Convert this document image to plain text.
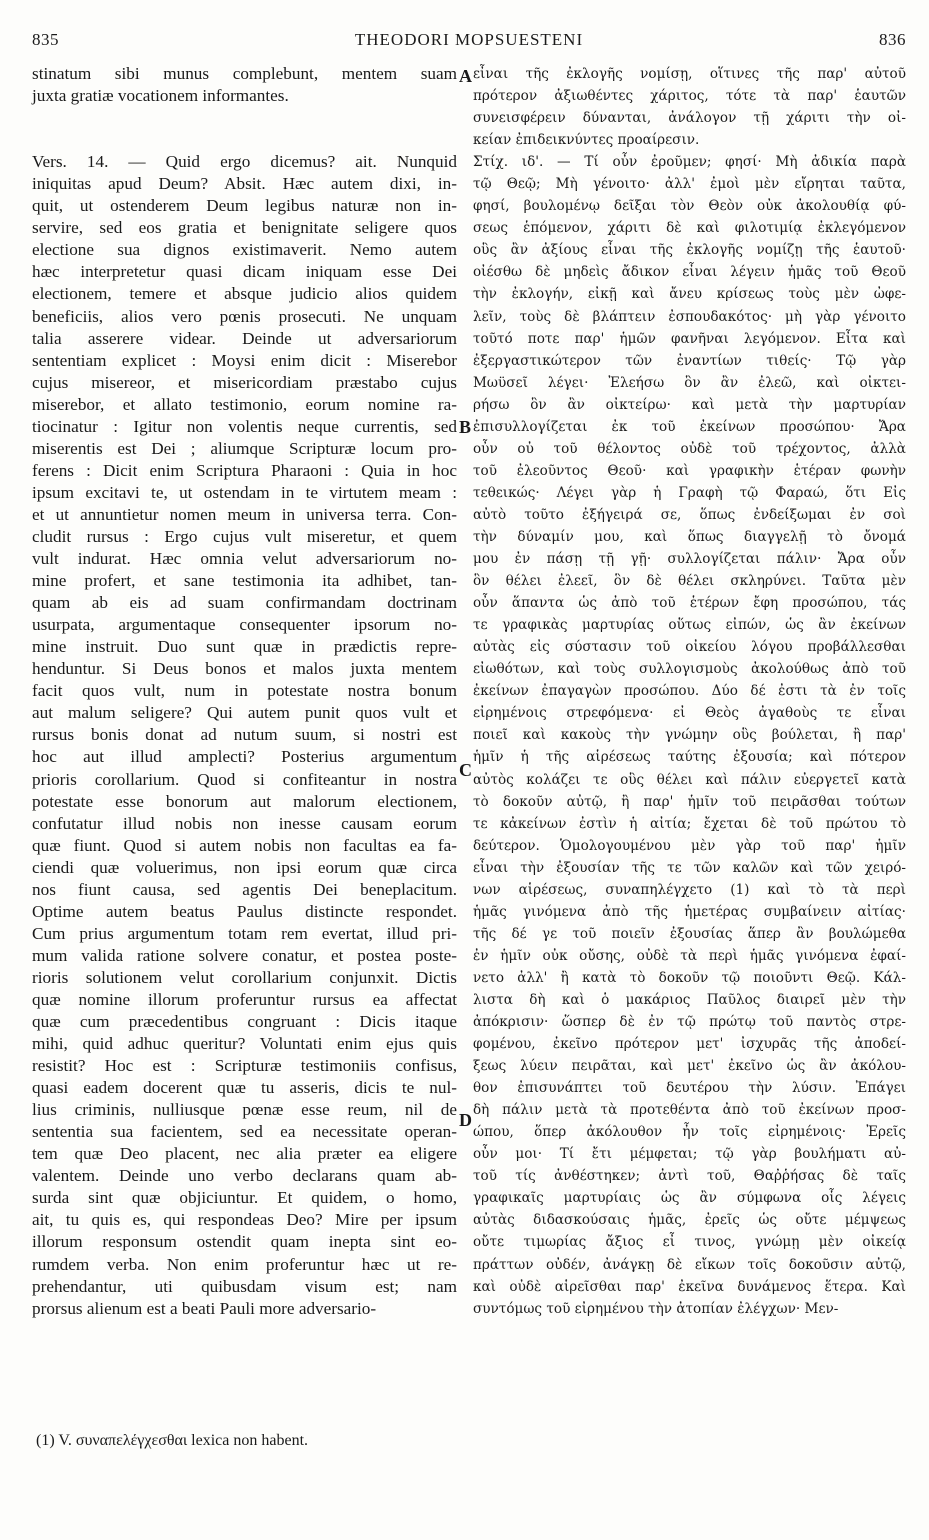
835	THEODORI MOPSUESTENI	836
stinatum sibi munus complebunt, mentem suam
juxta gratiæ vocationem informantes.
Vers. 14. — Quid ergo dicemus? ait. Nunquid
iniquitas apud Deum? Absit. Hæc autem dixi, in-
quit, ut ostenderem Deum legibus naturæ non in-
servire, sed eos gratia et benignitate seligere quos
electione sua dignos existimaverit. Nemo autem
hæc interpretetur quasi dicam iniquam esse Dei
electionem, temere et absque judicio alios quidem
beneficiis, alios vero pœnis prosecuti. Ne unquam
talia asserere videar. Deinde ut adversariorum
sententiam explicet : Moysi enim dicit : Miserebor
cujus misereor, et misericordiam præstabo cujus
miserebor, et allato testimonio, eorum nomine ra-
tiocinatur : Igitur non volentis neque currentis, sed
miserentis est Dei ; aliumque Scripturæ locum pro-
ferens : Dicit enim Scriptura Pharaoni : Quia in hoc
ipsum excitavi te, ut ostendam in te virtutem meam :
et ut annuntietur nomen meum in universa terra. Con-
cludit rursus : Ergo cujus vult miseretur, et quem
vult indurat. Hæc omnia velut adversariorum no-
mine profert, et sane testimonia ita adhibet, tan-
quam ab eis ad suam confirmandam doctrinam
usurpata, argumentaque consequenter ipsorum no-
mine instruit. Duo sunt quæ in prædictis repre-
henduntur. Si Deus bonos et malos juxta mentem
facit quos vult, num in potestate nostra bonum
aut malum seligere? Qui autem punit quos vult et
rursus bonis donat ad nutum suum, si nostri est
hoc aut illud amplecti? Posterius argumentum
prioris corollarium. Quod si confiteantur in nostra
potestate esse bonorum aut malorum electionem,
confutatur illud nobis non inesse causam eorum
quæ fiunt. Quod si autem nobis non facultas ea fa-
ciendi quæ voluerimus, non ipsi eorum quæ circa
nos fiunt causa, sed agentis Dei beneplacitum.
Optime autem beatus Paulus distincte respondet.
Cum prius argumentum totam rem evertat, illud pri-
mum valida ratione solvere conatur, et postea poste-
rioris solutionem velut corollarium conjunxit. Dictis
quæ nomine illorum proferuntur rursus ea affectat
quæ cum præcedentibus congruant : Dicis itaque
mihi, quid adhuc queritur? Voluntati enim ejus quis
resistit? Hoc est : Scripturæ testimoniis confisus,
quasi eadem docerent quæ tu asseris, dicis te nul-
lius criminis, nulliusque pœnæ esse reum, nil de
sententia sua facientem, sed ea necessitate operan-
tem quæ Deo placent, nec alia præter ea eligere
valentem. Deinde uno verbo declarans quam ab-
surda sint quæ objiciuntur. Et quidem, o homo,
ait, tu quis es, qui respondeas Deo? Mire per ipsum
illorum responsum ostendit quam inepta sint eo-
rumdem verba. Non enim proferuntur hæc ut re-
prehendantur, uti quibusdam visum est; nam
prorsus alienum est a beati Pauli more adversario-
εἶναι τῆς ἐκλογῆς νομίσῃ, οἵτινες τῆς παρ' αὐτοῦ
πρότερον ἀξιωθέντες χάριτος, τότε τὰ παρ' ἑαυτῶν
συνεισφέρειν δύνανται, ἀνάλογον τῇ χάριτι τὴν οἰ-
κείαν ἐπιδεικνύντες προαίρεσιν.
Στίχ. ιδ'. — Τί οὖν ἐροῦμεν; φησί· Μὴ ἀδικία παρὰ
τῷ Θεῷ; Μὴ γένοιτο· ἀλλ' ἐμοὶ μὲν εἴρηται ταῦτα,
φησί, βουλομένῳ δεῖξαι τὸν Θεὸν οὐκ ἀκολουθίᾳ φύ-
σεως ἑπόμενον, χάριτι δὲ καὶ φιλοτιμίᾳ ἐκλεγόμενον
οὓς ἂν ἀξίους εἶναι τῆς ἐκλογῆς νομίζῃ τῆς ἑαυτοῦ·
οἰέσθω δὲ μηδεὶς ἄδικον εἶναι λέγειν ἡμᾶς τοῦ Θεοῦ
τὴν ἐκλογήν, εἰκῇ καὶ ἄνευ κρίσεως τοὺς μὲν ὠφε-
λεῖν, τοὺς δὲ βλάπτειν ἐσπουδακότος· μὴ γὰρ γένοιτο
τοῦτό ποτε παρ' ἡμῶν φανῆναι λεγόμενον. Εἶτα καὶ
ἐξεργαστικώτερον τῶν ἐναντίων τιθείς· Τῷ γὰρ
Μωϋσεῖ λέγει· Ἐλεήσω ὃν ἂν ἐλεῶ, καὶ οἰκτει-
ρήσω ὃν ἂν οἰκτείρω· καὶ μετὰ τὴν μαρτυρίαν
ἐπισυλλογίζεται ἐκ τοῦ ἐκείνων προσώπου· Ἄρα
οὖν οὐ τοῦ θέλοντος οὐδὲ τοῦ τρέχοντος, ἀλλὰ
τοῦ ἐλεοῦντος Θεοῦ· καὶ γραφικὴν ἑτέραν φωνὴν
τεθεικώς· Λέγει γὰρ ἡ Γραφὴ τῷ Φαραώ, ὅτι Εἰς
αὐτὸ τοῦτο ἐξήγειρά σε, ὅπως ἐνδείξωμαι ἐν σοὶ
τὴν δύναμίν μου, καὶ ὅπως διαγγελῇ τὸ ὄνομά
μου ἐν πάσῃ τῇ γῇ· συλλογίζεται πάλιν· Ἄρα οὖν
ὃν θέλει ἐλεεῖ, ὃν δὲ θέλει σκληρύνει. Ταῦτα μὲν
οὖν ἅπαντα ὡς ἀπὸ τοῦ ἑτέρων ἔφη προσώπου, τάς
τε γραφικὰς μαρτυρίας οὕτως εἰπών, ὡς ἂν ἐκείνων
αὐτὰς εἰς σύστασιν τοῦ οἰκείου λόγου προβάλλεσθαι
εἰωθότων, καὶ τοὺς συλλογισμοὺς ἀκολούθως ἀπὸ τοῦ
ἐκείνων ἐπαγαγὼν προσώπου. Δύο δέ ἐστι τὰ ἐν τοῖς
εἰρημένοις στρεφόμενα· εἰ Θεὸς ἀγαθοὺς τε εἶναι
ποιεῖ καὶ κακοὺς τὴν γνώμην οὓς βούλεται, ἢ παρ'
ἡμῖν ἡ τῆς αἱρέσεως ταύτης ἐξουσία; καὶ πότερον
αὐτὸς κολάζει τε οὓς θέλει καὶ πάλιν εὐεργετεῖ κατὰ
τὸ δοκοῦν αὐτῷ, ἢ παρ' ἡμῖν τοῦ πειρᾶσθαι τούτων
τε κἀκείνων ἐστὶν ἡ αἰτία; ἔχεται δὲ τοῦ πρώτου τὸ
δεύτερον. Ὁμολογουμένου μὲν γὰρ τοῦ παρ' ἡμῖν
εἶναι τὴν ἐξουσίαν τῆς τε τῶν καλῶν καὶ τῶν χειρό-
νων αἱρέσεως, συναπηλέγχετο (1) καὶ τὸ τὰ περὶ
ἡμᾶς γινόμενα ἀπὸ τῆς ἡμετέρας συμβαίνειν αἰτίας·
τῆς δέ γε τοῦ ποιεῖν ἐξουσίας ἅπερ ἂν βουλώμεθα
ἐν ἡμῖν οὐκ οὔσης, οὐδὲ τὰ περὶ ἡμᾶς γινόμενα ἐφαί-
νετο ἀλλ' ἢ κατὰ τὸ δοκοῦν τῷ ποιοῦντι Θεῷ. Κάλ-
λιστα δὴ καὶ ὁ μακάριος Παῦλος διαιρεῖ μὲν τὴν
ἀπόκρισιν· ὥσπερ δὲ ἐν τῷ πρώτῳ τοῦ παντὸς στρε-
φομένου, ἐκεῖνο πρότερον μετ' ἰσχυρᾶς τῆς ἀποδεί-
ξεως λύειν πειρᾶται, καὶ μετ' ἐκεῖνο ὡς ἂν ἀκόλου-
θον ἐπισυνάπτει τοῦ δευτέρου τὴν λύσιν. Ἐπάγει
δὴ πάλιν μετὰ τὰ προτεθέντα ἀπὸ τοῦ ἐκείνων προσ-
ώπου, ὅπερ ἀκόλουθον ἦν τοῖς εἰρημένοις· Ἐρεῖς
οὖν μοι· Τί ἔτι μέμφεται; τῷ γὰρ βουλήματι αὐ-
τοῦ τίς ἀνθέστηκεν; ἀντὶ τοῦ, Θαῤῥήσας δὲ ταῖς
γραφικαῖς μαρτυρίαις ὡς ἂν σύμφωνα οἷς λέγεις
αὐτὰς διδασκούσαις ἡμᾶς, ἐρεῖς ὡς οὔτε μέμψεως
οὔτε τιμωρίας ἄξιος εἶ τινος, γνώμῃ μὲν οἰκείᾳ
πράττων οὐδέν, ἀνάγκῃ δὲ εἴκων τοῖς δοκοῦσιν αὐτῷ,
καὶ οὐδὲ αἱρεῖσθαι παρ' ἐκεῖνα δυνάμενος ἕτερα. Καὶ
συντόμως τοῦ εἰρημένου τὴν ἀτοπίαν ἐλέγχων· Μεν-
A
B
C
D
(1) V. συναπελέγχεσθαι lexica non habent.
